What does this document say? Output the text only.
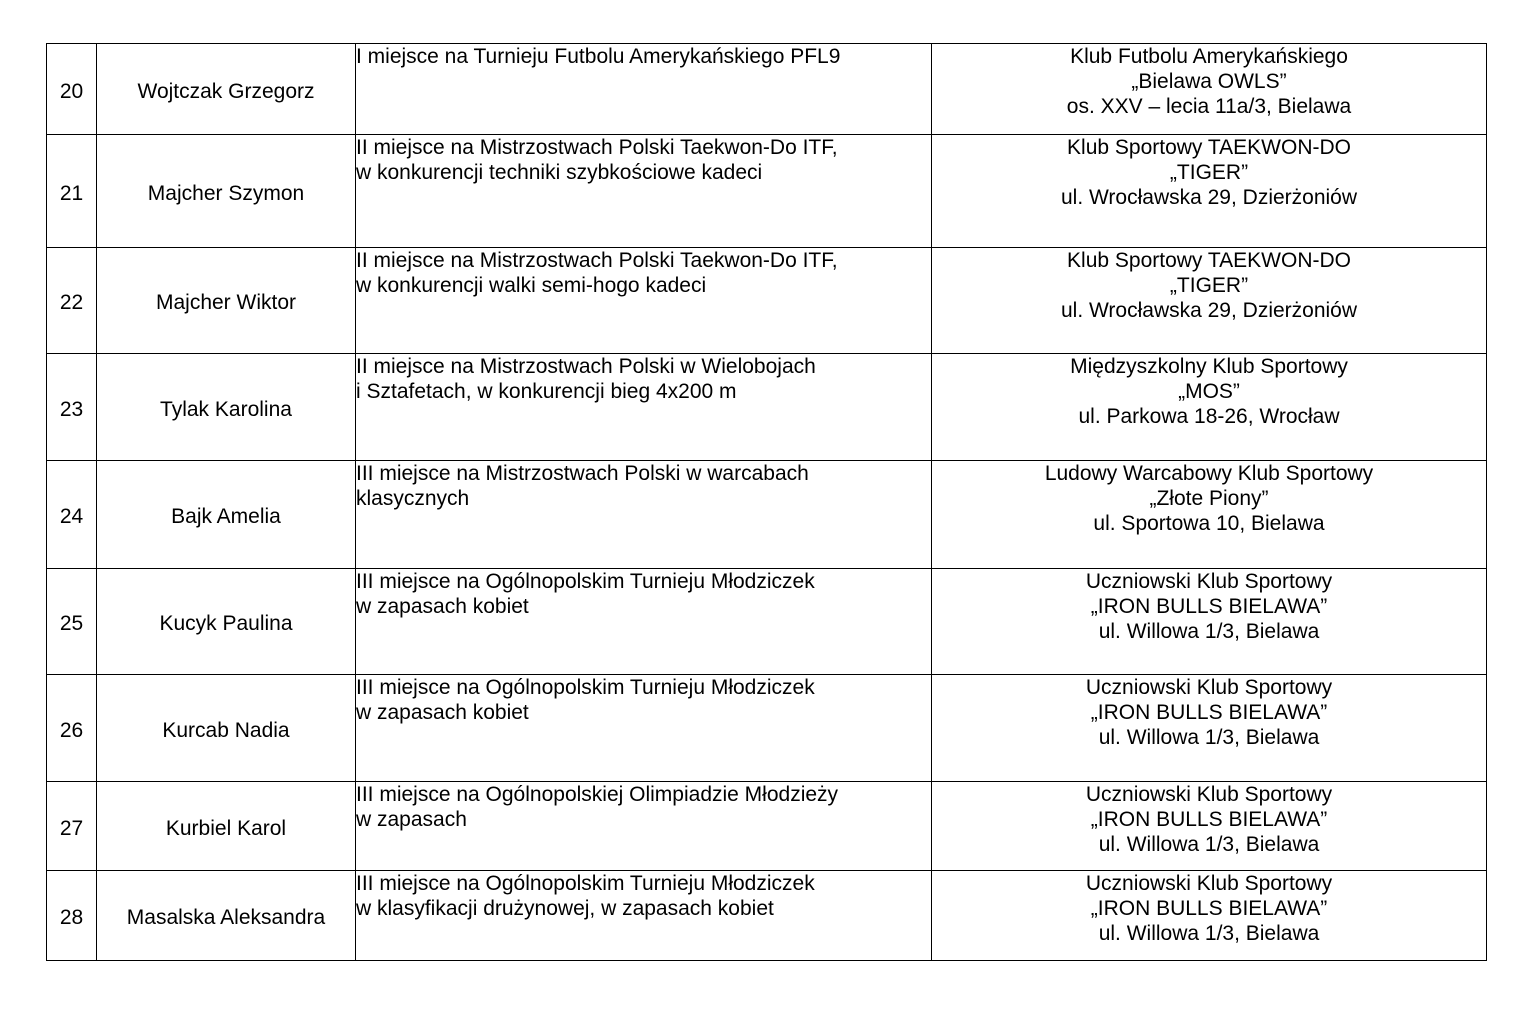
20	Wojtczak Grzegorz	I miejsce na Turnieju Futbolu Amerykańskiego PFL9	Klub Futbolu Amerykańskiego
„Bielawa OWLS”
os. XXV – lecia 11a/3, Bielawa

21	Majcher Szymon	II miejsce na Mistrzostwach Polski Taekwon-Do ITF,
w konkurencji techniki szybkościowe kadeci	Klub Sportowy TAEKWON-DO
„TIGER”
ul. Wrocławska 29, Dzierżoniów

22	Majcher Wiktor	II miejsce na Mistrzostwach Polski Taekwon-Do ITF,
w konkurencji walki semi-hogo kadeci	Klub Sportowy TAEKWON-DO
„TIGER”
ul. Wrocławska 29, Dzierżoniów

23	Tylak Karolina	II miejsce na Mistrzostwach Polski w Wielobojach
i Sztafetach, w konkurencji bieg 4x200 m	Międzyszkolny Klub Sportowy
„MOS”
ul. Parkowa 18-26, Wrocław

24	Bajk Amelia	III miejsce na Mistrzostwach Polski w warcabach
klasycznych	Ludowy Warcabowy Klub Sportowy
„Złote Piony”
ul. Sportowa 10, Bielawa

25	Kucyk Paulina	III miejsce na Ogólnopolskim Turnieju Młodziczek
w zapasach kobiet	Uczniowski Klub Sportowy
„IRON BULLS BIELAWA”
ul. Willowa 1/3, Bielawa

26	Kurcab Nadia	III miejsce na Ogólnopolskim Turnieju Młodziczek
w zapasach kobiet	Uczniowski Klub Sportowy
„IRON BULLS BIELAWA”
ul. Willowa 1/3, Bielawa

27	Kurbiel Karol	III miejsce na Ogólnopolskiej Olimpiadzie Młodzieży
w zapasach	Uczniowski Klub Sportowy
„IRON BULLS BIELAWA”
ul. Willowa 1/3, Bielawa

28	Masalska Aleksandra	III miejsce na Ogólnopolskim Turnieju Młodziczek
w klasyfikacji drużynowej, w zapasach kobiet	Uczniowski Klub Sportowy
„IRON BULLS BIELAWA”
ul. Willowa 1/3, Bielawa
